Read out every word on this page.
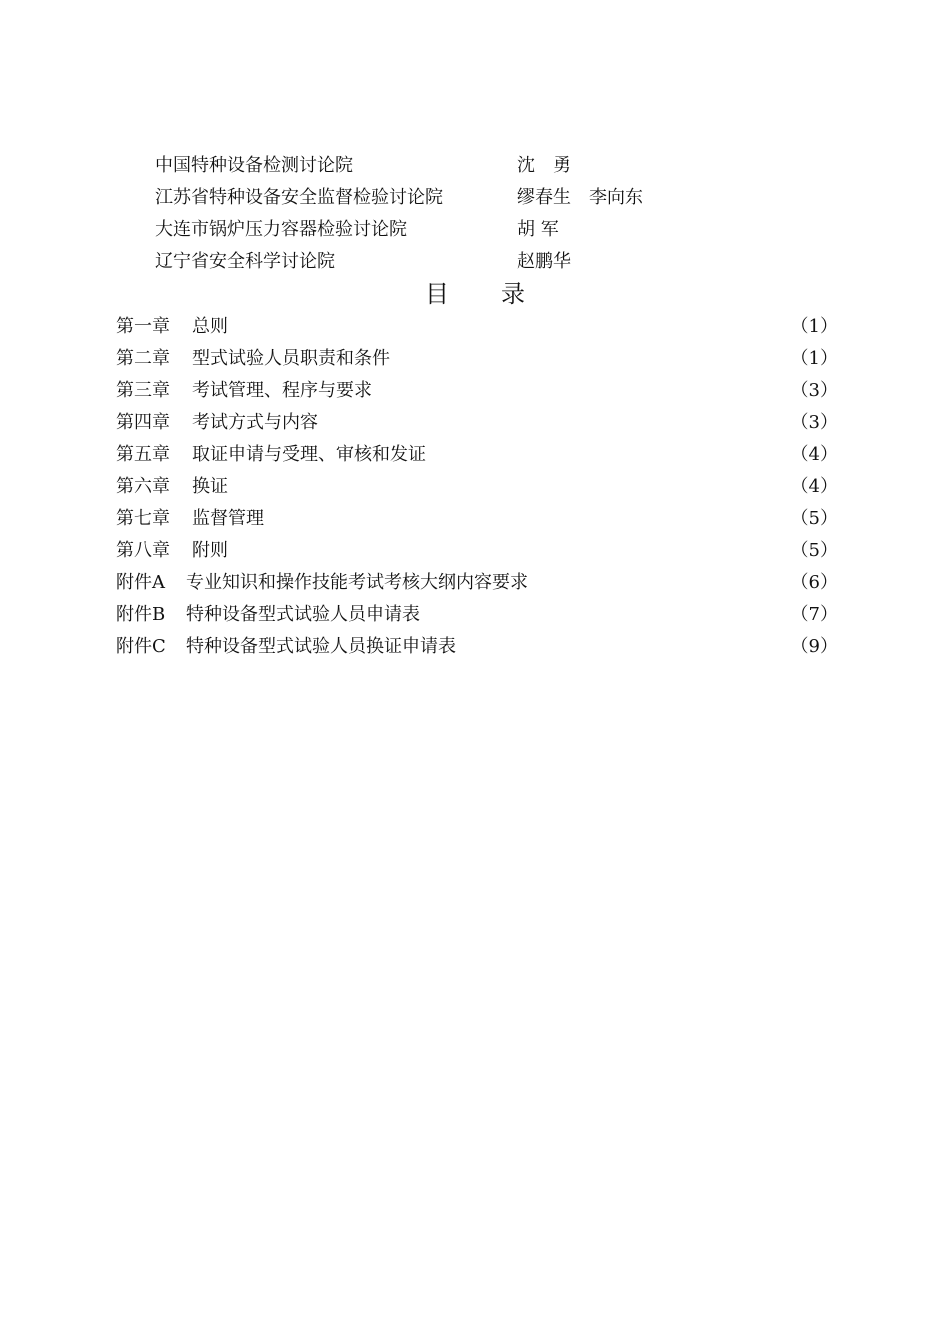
中国特种设备检测讨论院	沈　勇
江苏省特种设备安全监督检验讨论院	缪春生　李向东
大连市锅炉压力容器检验讨论院	胡 军
辽宁省安全科学讨论院	赵鹏华
目 录
第一章 总则	（1）
第二章 型式试验人员职责和条件	（1）
第三章 考试管理、程序与要求	（3）
第四章 考试方式与内容	（3）
第五章 取证申请与受理、审核和发证	（4）
第六章 换证	（4）
第七章 监督管理	（5）
第八章 附则	（5）
附件A 专业知识和操作技能考试考核大纲内容要求	（6）
附件B 特种设备型式试验人员申请表	（7）
附件C 特种设备型式试验人员换证申请表	（9）
